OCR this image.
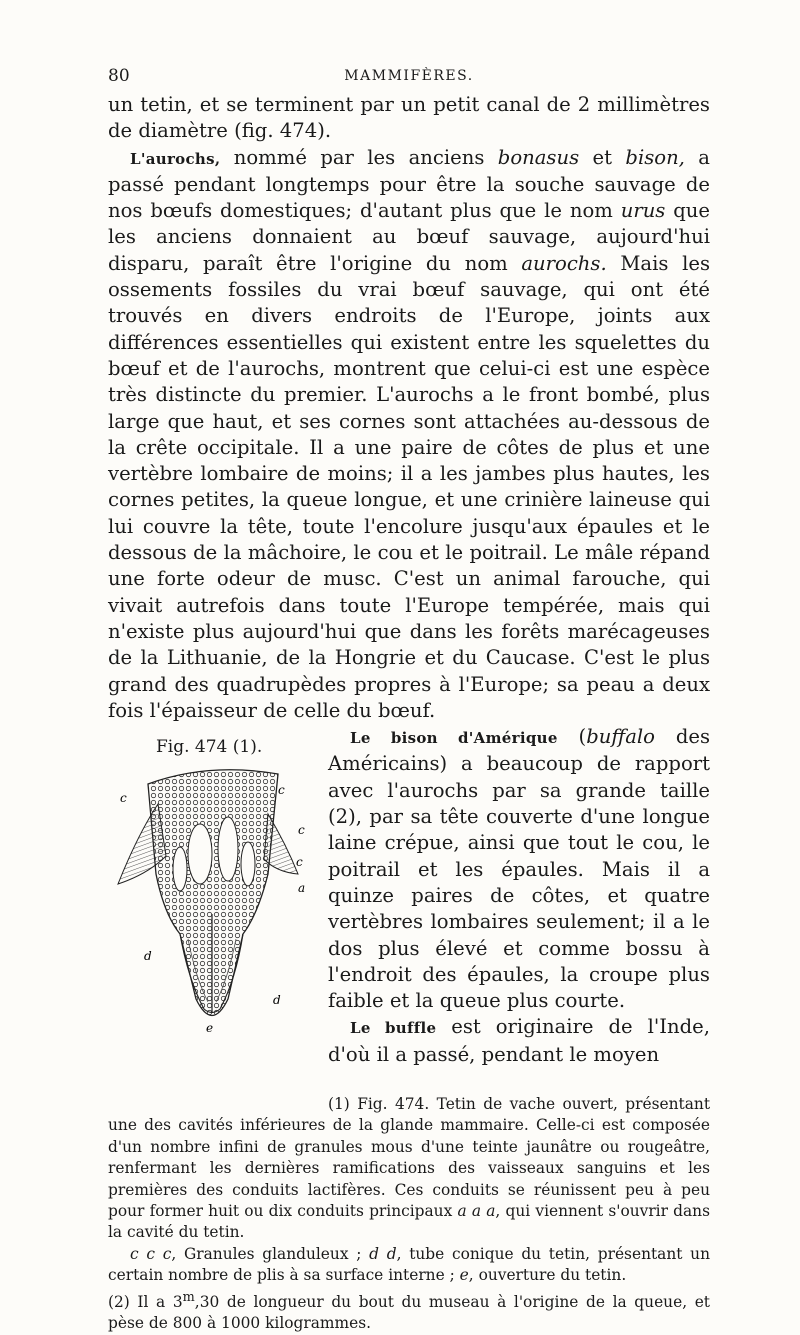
80	MAMMIFÈRES.

un tetin, et se terminent par un petit canal de 2 millimètres de diamètre (fig. 474).

L'aurochs, nommé par les anciens bonasus et bison, a passé pendant longtemps pour être la souche sauvage de nos bœufs domestiques; d'autant plus que le nom urus que les anciens donnaient au bœuf sauvage, aujourd'hui disparu, paraît être l'origine du nom aurochs. Mais les ossements fossiles du vrai bœuf sauvage, qui ont été trouvés en divers endroits de l'Europe, joints aux différences essentielles qui existent entre les squelettes du bœuf et de l'aurochs, montrent que celui-ci est une espèce très distincte du premier. L'aurochs a le front bombé, plus large que haut, et ses cornes sont attachées au-dessous de la crête occipitale. Il a une paire de côtes de plus et une vertèbre lombaire de moins; il a les jambes plus hautes, les cornes petites, la queue longue, et une crinière laineuse qui lui couvre la tête, toute l'encolure jusqu'aux épaules et le dessous de la mâchoire, le cou et le poitrail. Le mâle répand une forte odeur de musc. C'est un animal farouche, qui vivait autrefois dans toute l'Europe tempérée, mais qui n'existe plus aujourd'hui que dans les forêts marécageuses de la Lithuanie, de la Hongrie et du Caucase. C'est le plus grand des quadrupèdes propres à l'Europe; sa peau a deux fois l'épaisseur de celle du bœuf.

Fig. 474 (1).
c
c
c
c
a
d
d
e

Le bison d'Amérique (buffalo des Américains) a beaucoup de rapport avec l'aurochs par sa grande taille (2), par sa tête couverte d'une longue laine crépue, ainsi que tout le cou, le poitrail et les épaules. Mais il a quinze paires de côtes, et quatre vertèbres lombaires seulement; il a le dos plus élevé et comme bossu à l'endroit des épaules, la croupe plus faible et la queue plus courte.

Le buffle est originaire de l'Inde, d'où il a passé, pendant le moyen

(1) Fig. 474. Tetin de vache ouvert, présentant une des cavités inférieures de la glande mammaire. Celle-ci est composée d'un nombre infini de granules mous d'une teinte jaunâtre ou rougeâtre, renfermant les dernières ramifications des vaisseaux sanguins et les premières des conduits lactifères. Ces conduits se réunissent peu à peu pour former huit ou dix conduits principaux a a a, qui viennent s'ouvrir dans la cavité du tetin.

c c c, Granules glanduleux ; d d, tube conique du tetin, présentant un certain nombre de plis à sa surface interne ; e, ouverture du tetin.

(2) Il a 3$^m$,30 de longueur du bout du museau à l'origine de la queue, et pèse de 800 à 1000 kilogrammes.
